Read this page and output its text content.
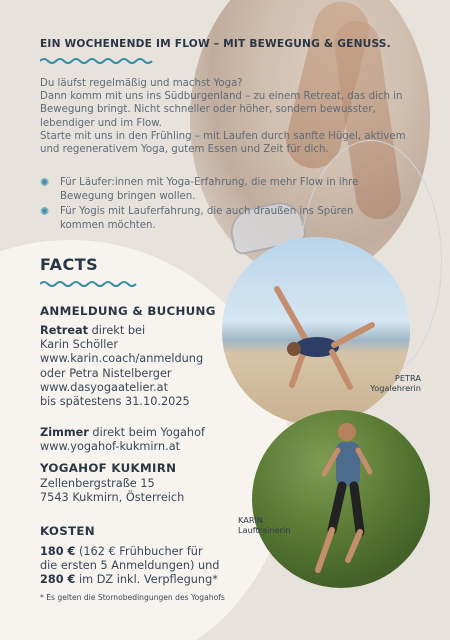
EIN WOCHENENDE IM FLOW – MIT BEWEGUNG & GENUSS.

Du läufst regelmäßig und machst Yoga?

Dann komm mit uns ins Südburgenland – zu einem Retreat, das dich in Bewegung bringt. Nicht schneller oder höher, sondern bewusster, lebendiger und im Flow.

Starte mit uns in den Frühling – mit Laufen durch sanfte Hügel, aktivem und regenerativem Yoga, gutem Essen und Zeit für dich.

✺ Für Läufer:innen mit Yoga-Erfahrung, die mehr Flow in ihre Bewegung bringen wollen.
✺ Für Yogis mit Lauferfahrung, die auch draußen ins Spüren kommen möchten.
FACTS
ANMELDUNG & BUCHUNG
Retreat direkt bei
Karin Schöller
www.karin.coach/anmeldung
oder Petra Nistelberger
www.dasyogaatelier.at
bis spätestens 31.10.2025
Zimmer direkt beim Yogahof
www.yogahof-kukmirn.at
YOGAHOF KUKMIRN
Zellenbergstraße 15
7543 Kukmirn, Österreich
KOSTEN
180 € (162 € Frühbucher für
die ersten 5 Anmeldungen) und
280 € im DZ inkl. Verpflegung*
* Es gelten die Stornobedingungen des Yogahofs
PETRA
Yogalehrerin
KARIN
Lauftrainerin
